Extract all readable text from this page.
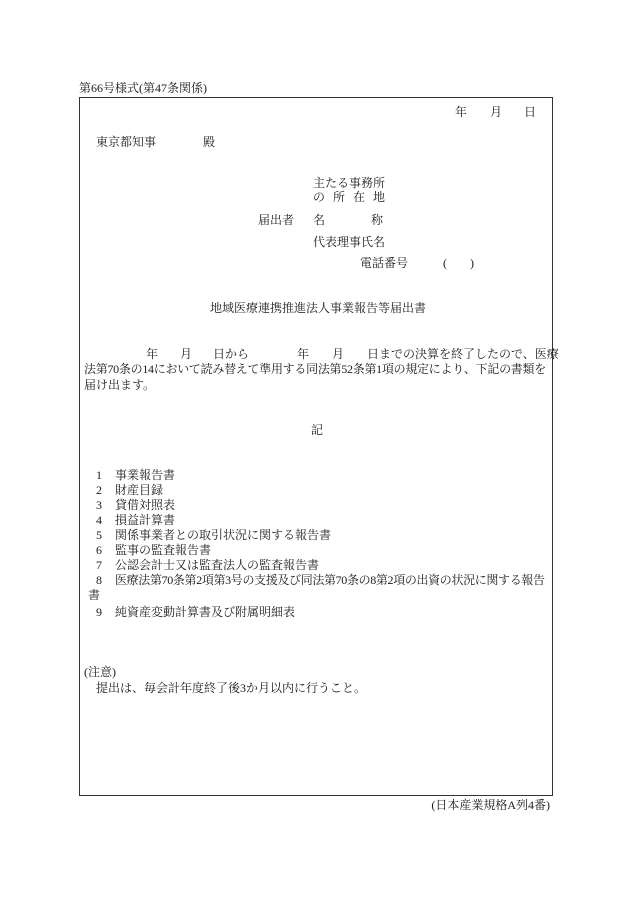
第66号様式(第47条関係)
年 月 日
東京都知事	殿
主たる事務所
の 所 在 地
届出者 名	称
代表理事氏名
電話番号	( )
地域医療連携推進法人事業報告等届出書
年 月 日から	年 月 日までの決算を終了したので、医療
法第70条の14において読み替えて準用する同法第52条第1項の規定により、下記の書類を
届け出ます。
記
1 事業報告書
2 財産目録
3 貸借対照表
4 損益計算書
5 関係事業者との取引状況に関する報告書
6 監事の監査報告書
7 公認会計士又は監査法人の監査報告書
8 医療法第70条第2項第3号の支援及び同法第70条の8第2項の出資の状況に関する報告
書
9 純資産変動計算書及び附属明細表
(注意)
提出は、毎会計年度終了後3か月以内に行うこと。
(日本産業規格A列4番)
